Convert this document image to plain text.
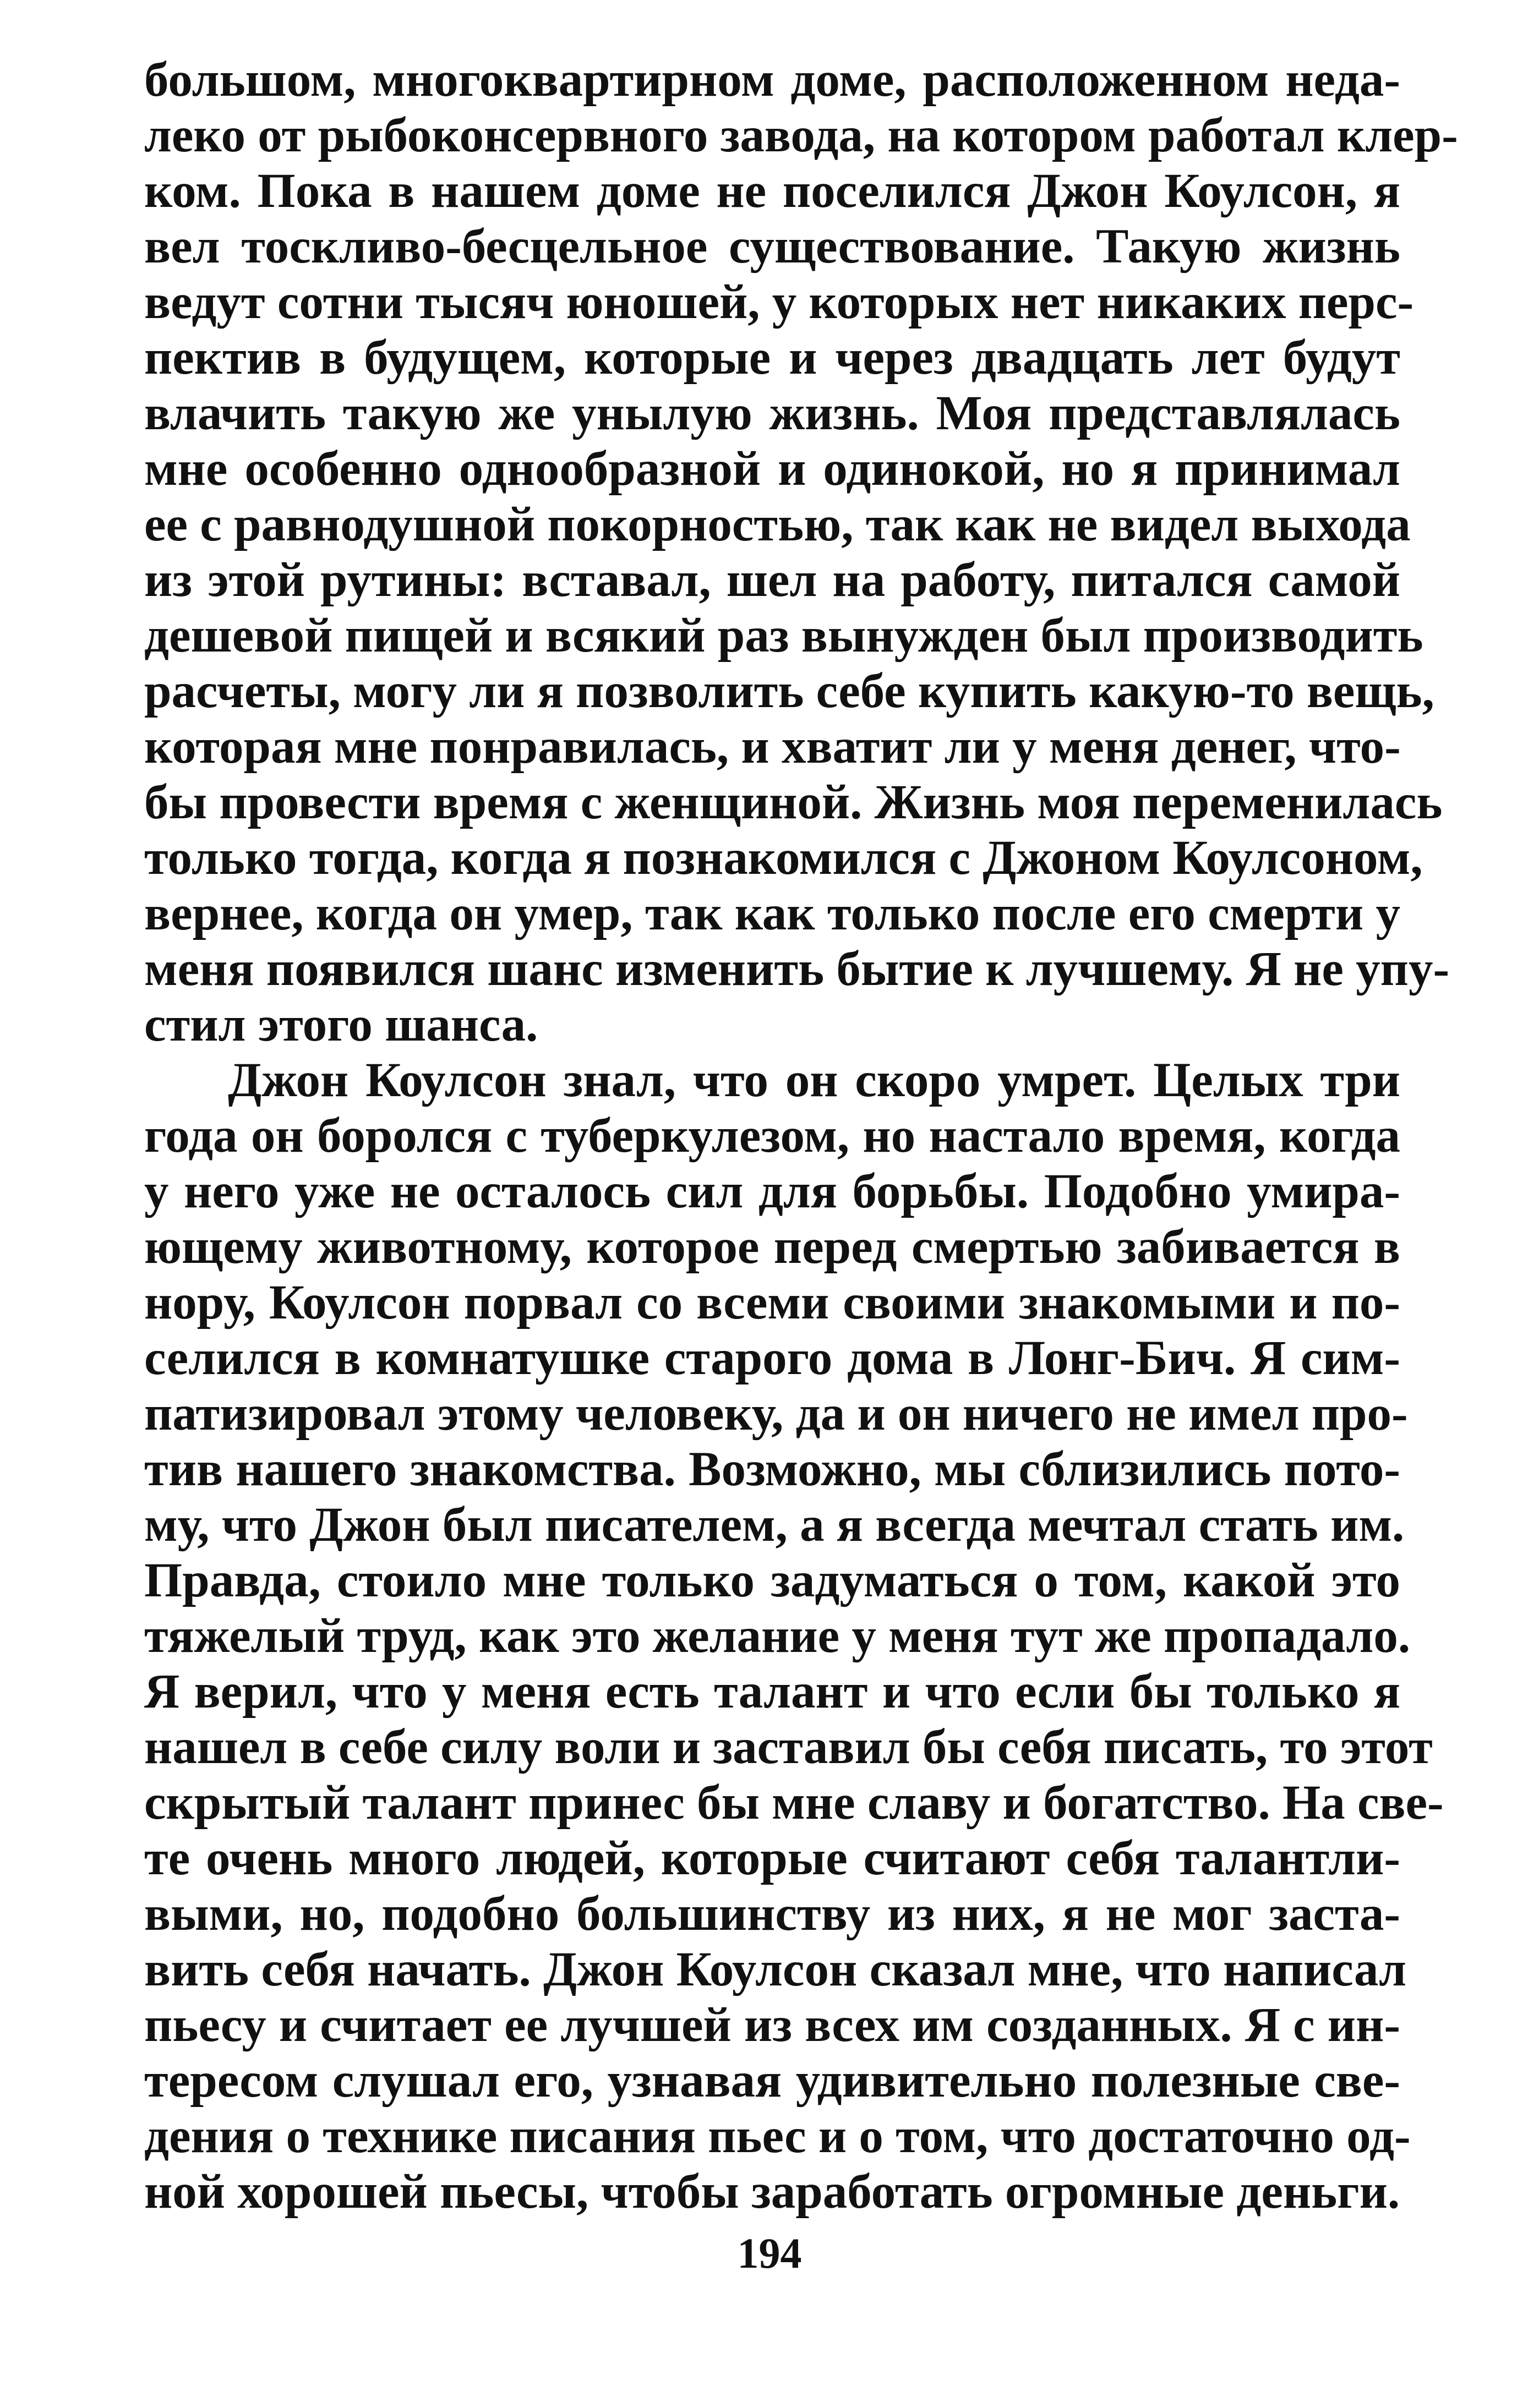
большом, многоквартирном доме, расположенном неда-
леко от рыбоконсервного завода, на котором работал клер-
ком. Пока в нашем доме не поселился Джон Коулсон, я
вел тоскливо-бесцельное существование. Такую жизнь
ведут сотни тысяч юношей, у которых нет никаких перс-
пектив в будущем, которые и через двадцать лет будут
влачить такую же унылую жизнь. Моя представлялась
мне особенно однообразной и одинокой, но я принимал
ее с равнодушной покорностью, так как не видел выхода
из этой рутины: вставал, шел на работу, питался самой
дешевой пищей и всякий раз вынужден был производить
расчеты, могу ли я позволить себе купить какую-то вещь,
которая мне понравилась, и хватит ли у меня денег, что-
бы провести время с женщиной. Жизнь моя переменилась
только тогда, когда я познакомился с Джоном Коулсоном,
вернее, когда он умер, так как только после его смерти у
меня появился шанс изменить бытие к лучшему. Я не упу-
стил этого шанса.
Джон Коулсон знал, что он скоро умрет. Целых три
года он боролся с туберкулезом, но настало время, когда
у него уже не осталось сил для борьбы. Подобно умира-
ющему животному, которое перед смертью забивается в
нору, Коулсон порвал со всеми своими знакомыми и по-
селился в комнатушке старого дома в Лонг-Бич. Я сим-
патизировал этому человеку, да и он ничего не имел про-
тив нашего знакомства. Возможно, мы сблизились пото-
му, что Джон был писателем, а я всегда мечтал стать им.
Правда, стоило мне только задуматься о том, какой это
тяжелый труд, как это желание у меня тут же пропадало.
Я верил, что у меня есть талант и что если бы только я
нашел в себе силу воли и заставил бы себя писать, то этот
скрытый талант принес бы мне славу и богатство. На све-
те очень много людей, которые считают себя талантли-
выми, но, подобно большинству из них, я не мог заста-
вить себя начать. Джон Коулсон сказал мне, что написал
пьесу и считает ее лучшей из всех им созданных. Я с ин-
тересом слушал его, узнавая удивительно полезные све-
дения о технике писания пьес и о том, что достаточно од-
ной хорошей пьесы, чтобы заработать огромные деньги.
194
